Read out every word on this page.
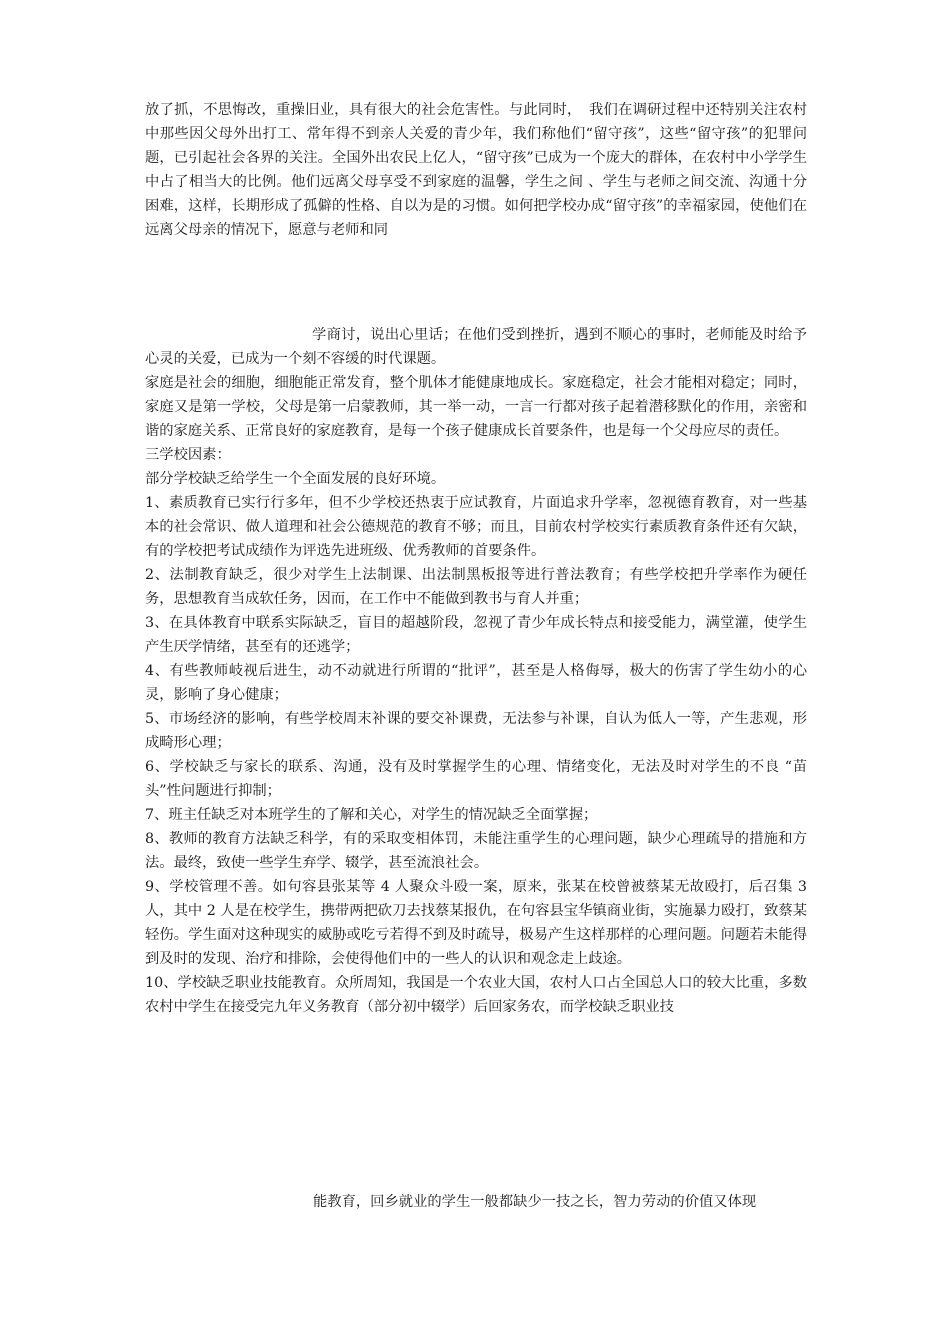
放了抓，不思悔改，重操旧业，具有很大的社会危害性。与此同时，　我们在调研过程中还特别关注农村中那些因父母外出打工、常年得不到亲人关爱的青少年，我们称他们“留守孩”，这些“留守孩”的犯罪问题，已引起社会各界的关注。全国外出农民上亿人，“留守孩”已成为一个庞大的群体，在农村中小学学生中占了相当大的比例。他们远离父母享受不到家庭的温馨，学生之间 、学生与老师之间交流、沟通十分困难，这样，长期形成了孤僻的性格、自以为是的习惯。如何把学校办成“留守孩”的幸福家园，使他们在远离父母亲的情况下，愿意与老师和同

学商讨，说出心里话；在他们受到挫折，遇到不顺心的事时，老师能及时给予心灵的关爱，已成为一个刻不容缓的时代课题。

家庭是社会的细胞，细胞能正常发育，整个肌体才能健康地成长。家庭稳定，社会才能相对稳定；同时，家庭又是第一学校，父母是第一启蒙教师，其一举一动，一言一行都对孩子起着潜移默化的作用，亲密和谐的家庭关系、正常良好的家庭教育，是每一个孩子健康成长首要条件，也是每一个父母应尽的责任。

三学校因素：

部分学校缺乏给学生一个全面发展的良好环境。

1、素质教育已实行行多年，但不少学校还热衷于应试教育，片面追求升学率，忽视德育教育，对一些基本的社会常识、做人道理和社会公德规范的教育不够；而且，目前农村学校实行素质教育条件还有欠缺，有的学校把考试成绩作为评选先进班级、优秀教师的首要条件。

2、法制教育缺乏，很少对学生上法制课、出法制黑板报等进行普法教育；有些学校把升学率作为硬任务，思想教育当成软任务，因而，在工作中不能做到教书与育人并重；

3、在具体教育中联系实际缺乏，盲目的超越阶段，忽视了青少年成长特点和接受能力，满堂灌，使学生产生厌学情绪，甚至有的还逃学；

4、有些教师岐视后进生，动不动就进行所谓的“批评”，甚至是人格侮辱，极大的伤害了学生幼小的心灵，影响了身心健康；

5、市场经济的影响，有些学校周末补课的要交补课费，无法参与补课，自认为低人一等，产生悲观，形成畸形心理；

6、学校缺乏与家长的联系、沟通，没有及时掌握学生的心理、情绪变化，无法及时对学生的不良 “苗头”性问题进行抑制；

7、班主任缺乏对本班学生的了解和关心，对学生的情况缺乏全面掌握；

8、教师的教育方法缺乏科学，有的采取变相体罚，未能注重学生的心理问题，缺少心理疏导的措施和方法。最终，致使一些学生弃学、辍学，甚至流浪社会。

9、学校管理不善。如句容县张某等 4 人聚众斗殴一案，原来，张某在校曾被蔡某无故殴打，后召集 3 人，其中 2 人是在校学生，携带两把砍刀去找蔡某报仇，在句容县宝华镇商业街，实施暴力殴打，致蔡某轻伤。学生面对这种现实的威胁或吃亏若得不到及时疏导，极易产生这样那样的心理问题。问题若未能得到及时的发现、治疗和排除，会使得他们中的一些人的认识和观念走上歧途。

10、学校缺乏职业技能教育。众所周知，我国是一个农业大国，农村人口占全国总人口的较大比重，多数农村中学生在接受完九年义务教育（部分初中辍学）后回家务农，而学校缺乏职业技

能教育，回乡就业的学生一般都缺少一技之长，智力劳动的价值又体现
